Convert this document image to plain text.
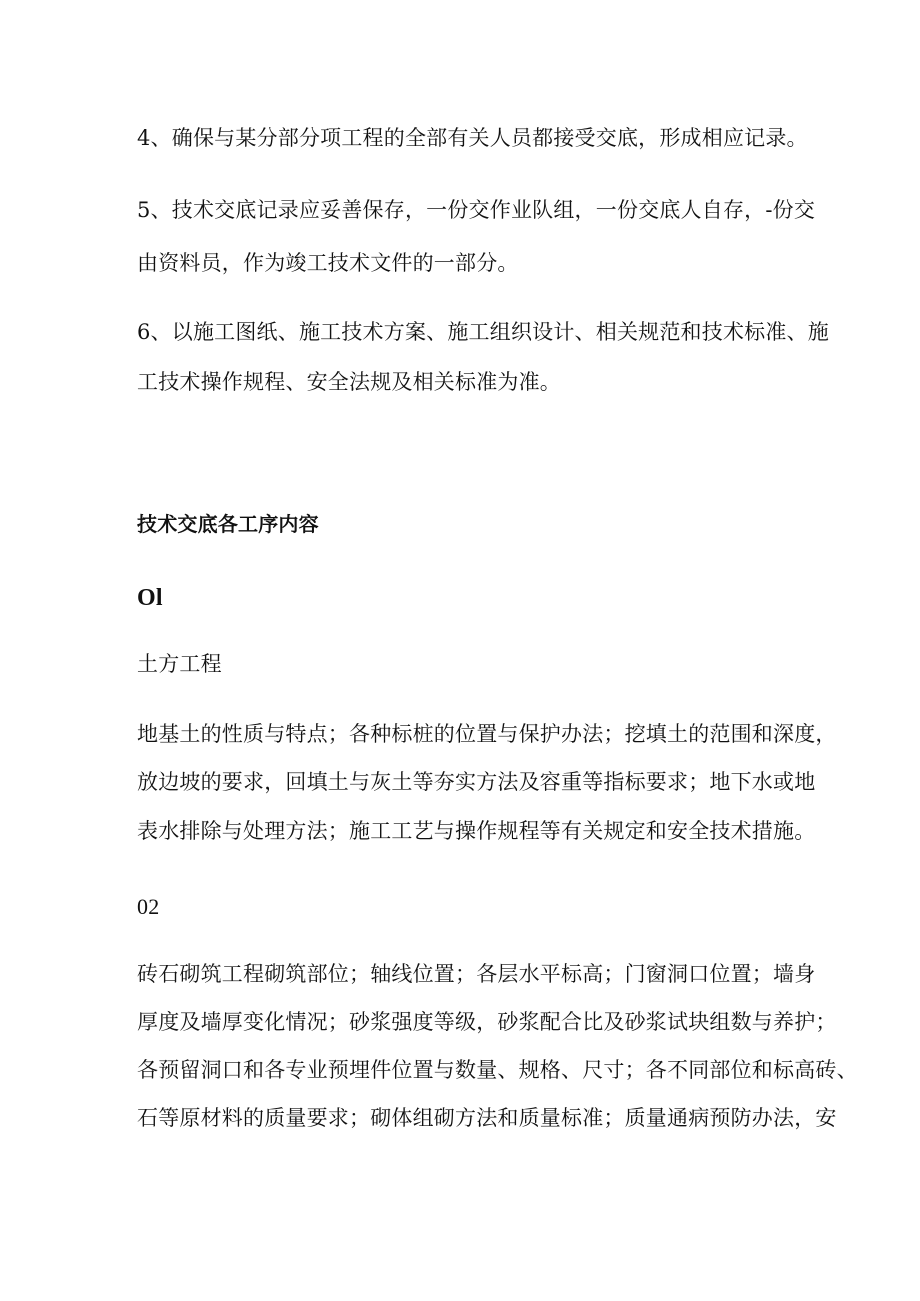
4、确保与某分部分项工程的全部有关人员都接受交底，形成相应记录。
5、技术交底记录应妥善保存，一份交作业队组，一份交底人自存，-份交
由资料员，作为竣工技术文件的一部分。
6、以施工图纸、施工技术方案、施工组织设计、相关规范和技术标准、施
工技术操作规程、安全法规及相关标准为准。
技术交底各工序内容
Ol
土方工程
地基土的性质与特点；各种标桩的位置与保护办法；挖填土的范围和深度，
放边坡的要求，回填土与灰土等夯实方法及容重等指标要求；地下水或地
表水排除与处理方法；施工工艺与操作规程等有关规定和安全技术措施。
02
砖石砌筑工程砌筑部位；轴线位置；各层水平标高；门窗洞口位置；墙身
厚度及墙厚变化情况；砂浆强度等级，砂浆配合比及砂浆试块组数与养护；
各预留洞口和各专业预埋件位置与数量、规格、尺寸；各不同部位和标高砖、
石等原材料的质量要求；砌体组砌方法和质量标准；质量通病预防办法，安
